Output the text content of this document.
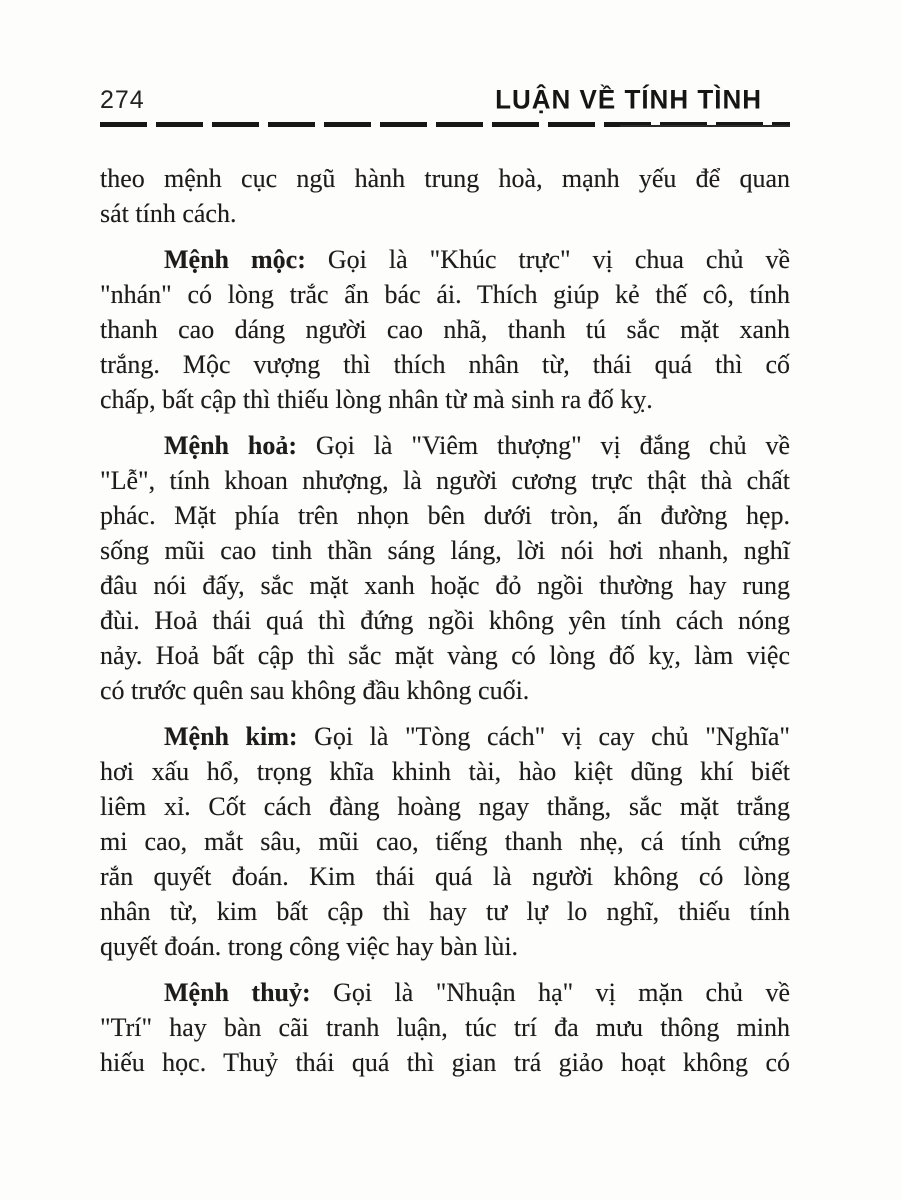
274	LUẬN VỀ TÍNH TÌNH
theo mệnh cục ngũ hành trung hoà, mạnh yếu để quan
sát tính cách.
Mệnh mộc: Gọi là "Khúc trực" vị chua chủ về
"nhán" có lòng trắc ẩn bác ái. Thích giúp kẻ thế cô, tính
thanh cao dáng người cao nhã, thanh tú sắc mặt xanh
trắng. Mộc vượng thì thích nhân từ, thái quá thì cố
chấp, bất cập thì thiếu lòng nhân từ mà sinh ra đố kỵ.
Mệnh hoả: Gọi là "Viêm thượng" vị đắng chủ về
"Lễ", tính khoan nhượng, là người cương trực thật thà chất
phác. Mặt phía trên nhọn bên dưới tròn, ấn đường hẹp.
sống mũi cao tinh thần sáng láng, lời nói hơi nhanh, nghĩ
đâu nói đấy, sắc mặt xanh hoặc đỏ ngồi thường hay rung
đùi. Hoả thái quá thì đứng ngồi không yên tính cách nóng
nảy. Hoả bất cập thì sắc mặt vàng có lòng đố kỵ, làm việc
có trước quên sau không đầu không cuối.
Mệnh kim: Gọi là "Tòng cách" vị cay chủ "Nghĩa"
hơi xấu hổ, trọng khĩa khinh tài, hào kiệt dũng khí biết
liêm xỉ. Cốt cách đàng hoàng ngay thẳng, sắc mặt trắng
mi cao, mắt sâu, mũi cao, tiếng thanh nhẹ, cá tính cứng
rắn quyết đoán. Kim thái quá là người không có lòng
nhân từ, kim bất cập thì hay tư lự lo nghĩ, thiếu tính
quyết đoán. trong công việc hay bàn lùi.
Mệnh thuỷ: Gọi là "Nhuận hạ" vị mặn chủ về
"Trí" hay bàn cãi tranh luận, túc trí đa mưu thông minh
hiếu học. Thuỷ thái quá thì gian trá giảo hoạt không có
